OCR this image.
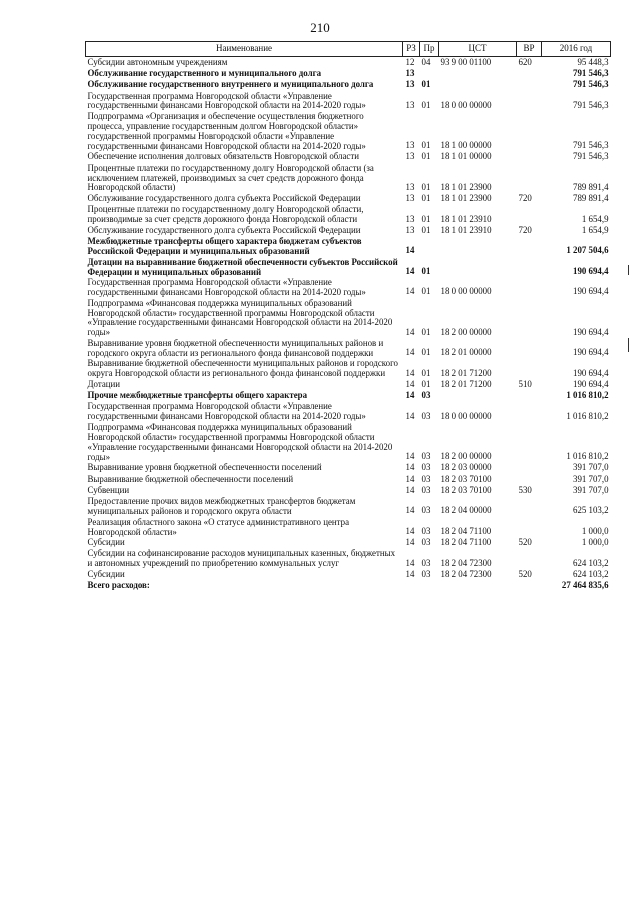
210
Наименование	РЗ	Пр	ЦСТ	ВР	2016 год
Субсидии автономным учреждениям	12	04	93 9 00 01100	620	95 448,3
Обслуживание государственного и муниципального долга	13				791 546,3
Обслуживание государственного внутреннего и муниципального долга	13	01			791 546,3
Государственная программа Новгородской области «Управление государственными финансами Новгородской области на 2014-2020 годы»	13	01	18 0 00 00000		791 546,3
Подпрограмма «Организация и обеспечение осуществления бюджетного процесса, управление государственным долгом Новгородской области» государственной программы Новгородской области «Управление государственными финансами Новгородской области на 2014-2020 годы»	13	01	18 1 00 00000		791 546,3
Обеспечение исполнения долговых обязательств Новгородской области	13	01	18 1 01 00000		791 546,3
Процентные платежи по государственному долгу Новгородской области (за исключением платежей, производимых за счет средств дорожного фонда Новгородской области)	13	01	18 1 01 23900		789 891,4
Обслуживание государственного долга субъекта Российской Федерации	13	01	18 1 01 23900	720	789 891,4
Процентные платежи по государственному долгу Новгородской области, производимые за счет средств дорожного фонда Новгородской области	13	01	18 1 01 23910		1 654,9
Обслуживание государственного долга субъекта Российской Федерации	13	01	18 1 01 23910	720	1 654,9
Межбюджетные трансферты общего характера бюджетам субъектов Российской Федерации и муниципальных образований	14				1 207 504,6
Дотации на выравнивание бюджетной обеспеченности субъектов Российской Федерации и муниципальных образований	14	01			190 694,4
Государственная программа Новгородской области «Управление государственными финансами Новгородской области на 2014-2020 годы»	14	01	18 0 00 00000		190 694,4
Подпрограмма «Финансовая поддержка муниципальных образований Новгородской области» государственной программы Новгородской области «Управление государственными финансами Новгородской области на 2014-2020 годы»	14	01	18 2 00 00000		190 694,4
Выравнивание уровня бюджетной обеспеченности муниципальных районов и городского округа области из регионального фонда финансовой поддержки	14	01	18 2 01 00000		190 694,4
Выравнивание бюджетной обеспеченности муниципальных районов и городского округа Новгородской области из регионального фонда финансовой поддержки	14	01	18 2 01 71200		190 694,4
Дотации	14	01	18 2 01 71200	510	190 694,4
Прочие межбюджетные трансферты общего характера	14	03			1 016 810,2
Государственная программа Новгородской области «Управление государственными финансами Новгородской области на 2014-2020 годы»	14	03	18 0 00 00000		1 016 810,2
Подпрограмма «Финансовая поддержка муниципальных образований Новгородской области» государственной программы Новгородской области «Управление государственными финансами Новгородской области на 2014-2020 годы»	14	03	18 2 00 00000		1 016 810,2
Выравнивание уровня бюджетной обеспеченности поселений	14	03	18 2 03 00000		391 707,0
Выравнивание бюджетной обеспеченности поселений	14	03	18 2 03 70100		391 707,0
Субвенции	14	03	18 2 03 70100	530	391 707,0
Предоставление прочих видов межбюджетных трансфертов бюджетам муниципальных районов и городского округа области	14	03	18 2 04 00000		625 103,2
Реализация областного закона «О статусе административного центра Новгородской области»	14	03	18 2 04 71100		1 000,0
Субсидии	14	03	18 2 04 71100	520	1 000,0
Субсидии на софинансирование расходов муниципальных казенных, бюджетных и автономных учреждений по приобретению коммунальных услуг	14	03	18 2 04 72300		624 103,2
Субсидии	14	03	18 2 04 72300	520	624 103,2
Всего расходов:					27 464 835,6
